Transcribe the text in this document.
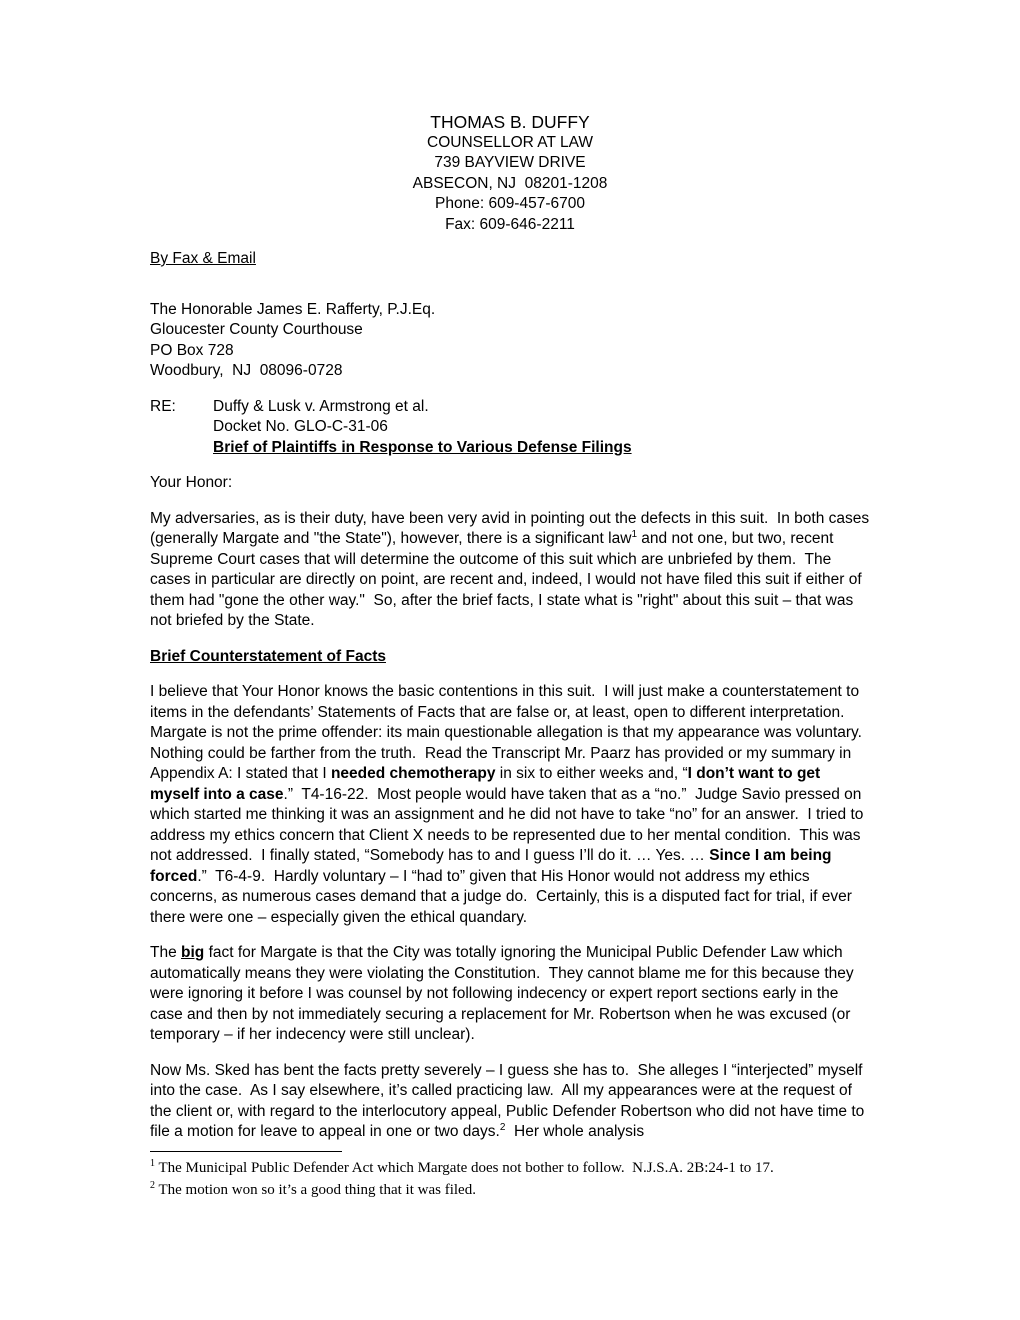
THOMAS B. DUFFY
COUNSELLOR AT LAW
739 BAYVIEW DRIVE
ABSECON, NJ  08201-1208
Phone: 609-457-6700
Fax: 609-646-2211
By Fax & Email
The Honorable James E. Rafferty, P.J.Eq.
Gloucester County Courthouse
PO Box 728
Woodbury,  NJ  08096-0728
RE:	Duffy & Lusk v. Armstrong et al.
Docket No. GLO-C-31-06
Brief of Plaintiffs in Response to Various Defense Filings
Your Honor:
My adversaries, as is their duty, have been very avid in pointing out the defects in this suit.  In both cases (generally Margate and "the State"), however, there is a significant law$^1$ and not one, but two, recent Supreme Court cases that will determine the outcome of this suit which are unbriefed by them.  The cases in particular are directly on point, are recent and, indeed, I would not have filed this suit if either of them had "gone the other way."  So, after the brief facts, I state what is "right" about this suit – that was not briefed by the State.
Brief Counterstatement of Facts
I believe that Your Honor knows the basic contentions in this suit.  I will just make a counterstatement to items in the defendants’ Statements of Facts that are false or, at least, open to different interpretation.  Margate is not the prime offender: its main questionable allegation is that my appearance was voluntary.  Nothing could be farther from the truth.  Read the Transcript Mr. Paarz has provided or my summary in Appendix A: I stated that I needed chemotherapy in six to either weeks and, “I don’t want to get myself into a case.”  T4-16-22.  Most people would have taken that as a “no.”  Judge Savio pressed on which started me thinking it was an assignment and he did not have to take “no” for an answer.  I tried to address my ethics concern that Client X needs to be represented due to her mental condition.  This was not addressed.  I finally stated, “Somebody has to and I guess I’ll do it. … Yes. … Since I am being forced.”  T6-4-9.  Hardly voluntary – I “had to” given that His Honor would not address my ethics concerns, as numerous cases demand that a judge do.  Certainly, this is a disputed fact for trial, if ever there were one – especially given the ethical quandary.
The big fact for Margate is that the City was totally ignoring the Municipal Public Defender Law which automatically means they were violating the Constitution.  They cannot blame me for this because they were ignoring it before I was counsel by not following indecency or expert report sections early in the case and then by not immediately securing a replacement for Mr. Robertson when he was excused (or temporary – if her indecency were still unclear).
Now Ms. Sked has bent the facts pretty severely – I guess she has to.  She alleges I “interjected” myself into the case.  As I say elsewhere, it’s called practicing law.  All my appearances were at the request of the client or, with regard to the interlocutory appeal, Public Defender Robertson who did not have time to file a motion for leave to appeal in one or two days.$^2$  Her whole analysis
$^1$ The Municipal Public Defender Act which Margate does not bother to follow.  N.J.S.A. 2B:24-1 to 17.
$^2$ The motion won so it’s a good thing that it was filed.
